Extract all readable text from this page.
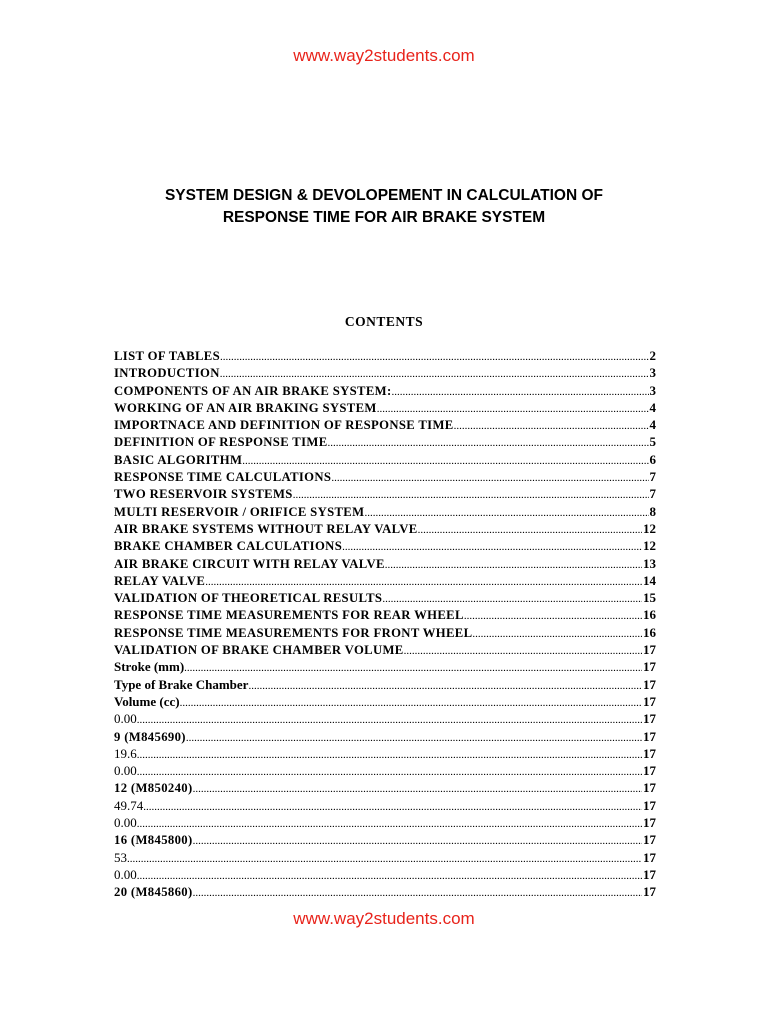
www.way2students.com
SYSTEM DESIGN & DEVOLOPEMENT IN CALCULATION OF
RESPONSE TIME FOR AIR BRAKE SYSTEM
CONTENTS
LIST OF TABLES .....	2
INTRODUCTION .....	3
COMPONENTS OF AN AIR BRAKE SYSTEM: .....	3
WORKING OF AN AIR BRAKING SYSTEM .....	4
IMPORTNACE AND DEFINITION OF RESPONSE TIME .....	4
DEFINITION OF RESPONSE TIME .....	5
BASIC ALGORITHM .....	6
RESPONSE TIME CALCULATIONS .....	7
TWO RESERVOIR SYSTEMS .....	7
MULTI RESERVOIR / ORIFICE SYSTEM .....	8
AIR BRAKE SYSTEMS WITHOUT RELAY VALVE .....	12
BRAKE CHAMBER CALCULATIONS .....	12
AIR BRAKE CIRCUIT WITH RELAY VALVE .....	13
RELAY VALVE .....	14
VALIDATION OF THEORETICAL RESULTS .....	15
RESPONSE TIME MEASUREMENTS FOR REAR WHEEL .....	16
RESPONSE TIME MEASUREMENTS FOR FRONT WHEEL .....	16
VALIDATION OF BRAKE CHAMBER VOLUME .....	17
Stroke (mm) .....	17
Type of Brake Chamber .....	17
Volume (cc) .....	17
0.00 .....	17
9 (M845690) .....	17
19.6 .....	17
0.00 .....	17
12 (M850240) .....	17
49.74 .....	17
0.00 .....	17
16 (M845800) .....	17
53 .....	17
0.00 .....	17
20 (M845860) .....	17
www.way2students.com
